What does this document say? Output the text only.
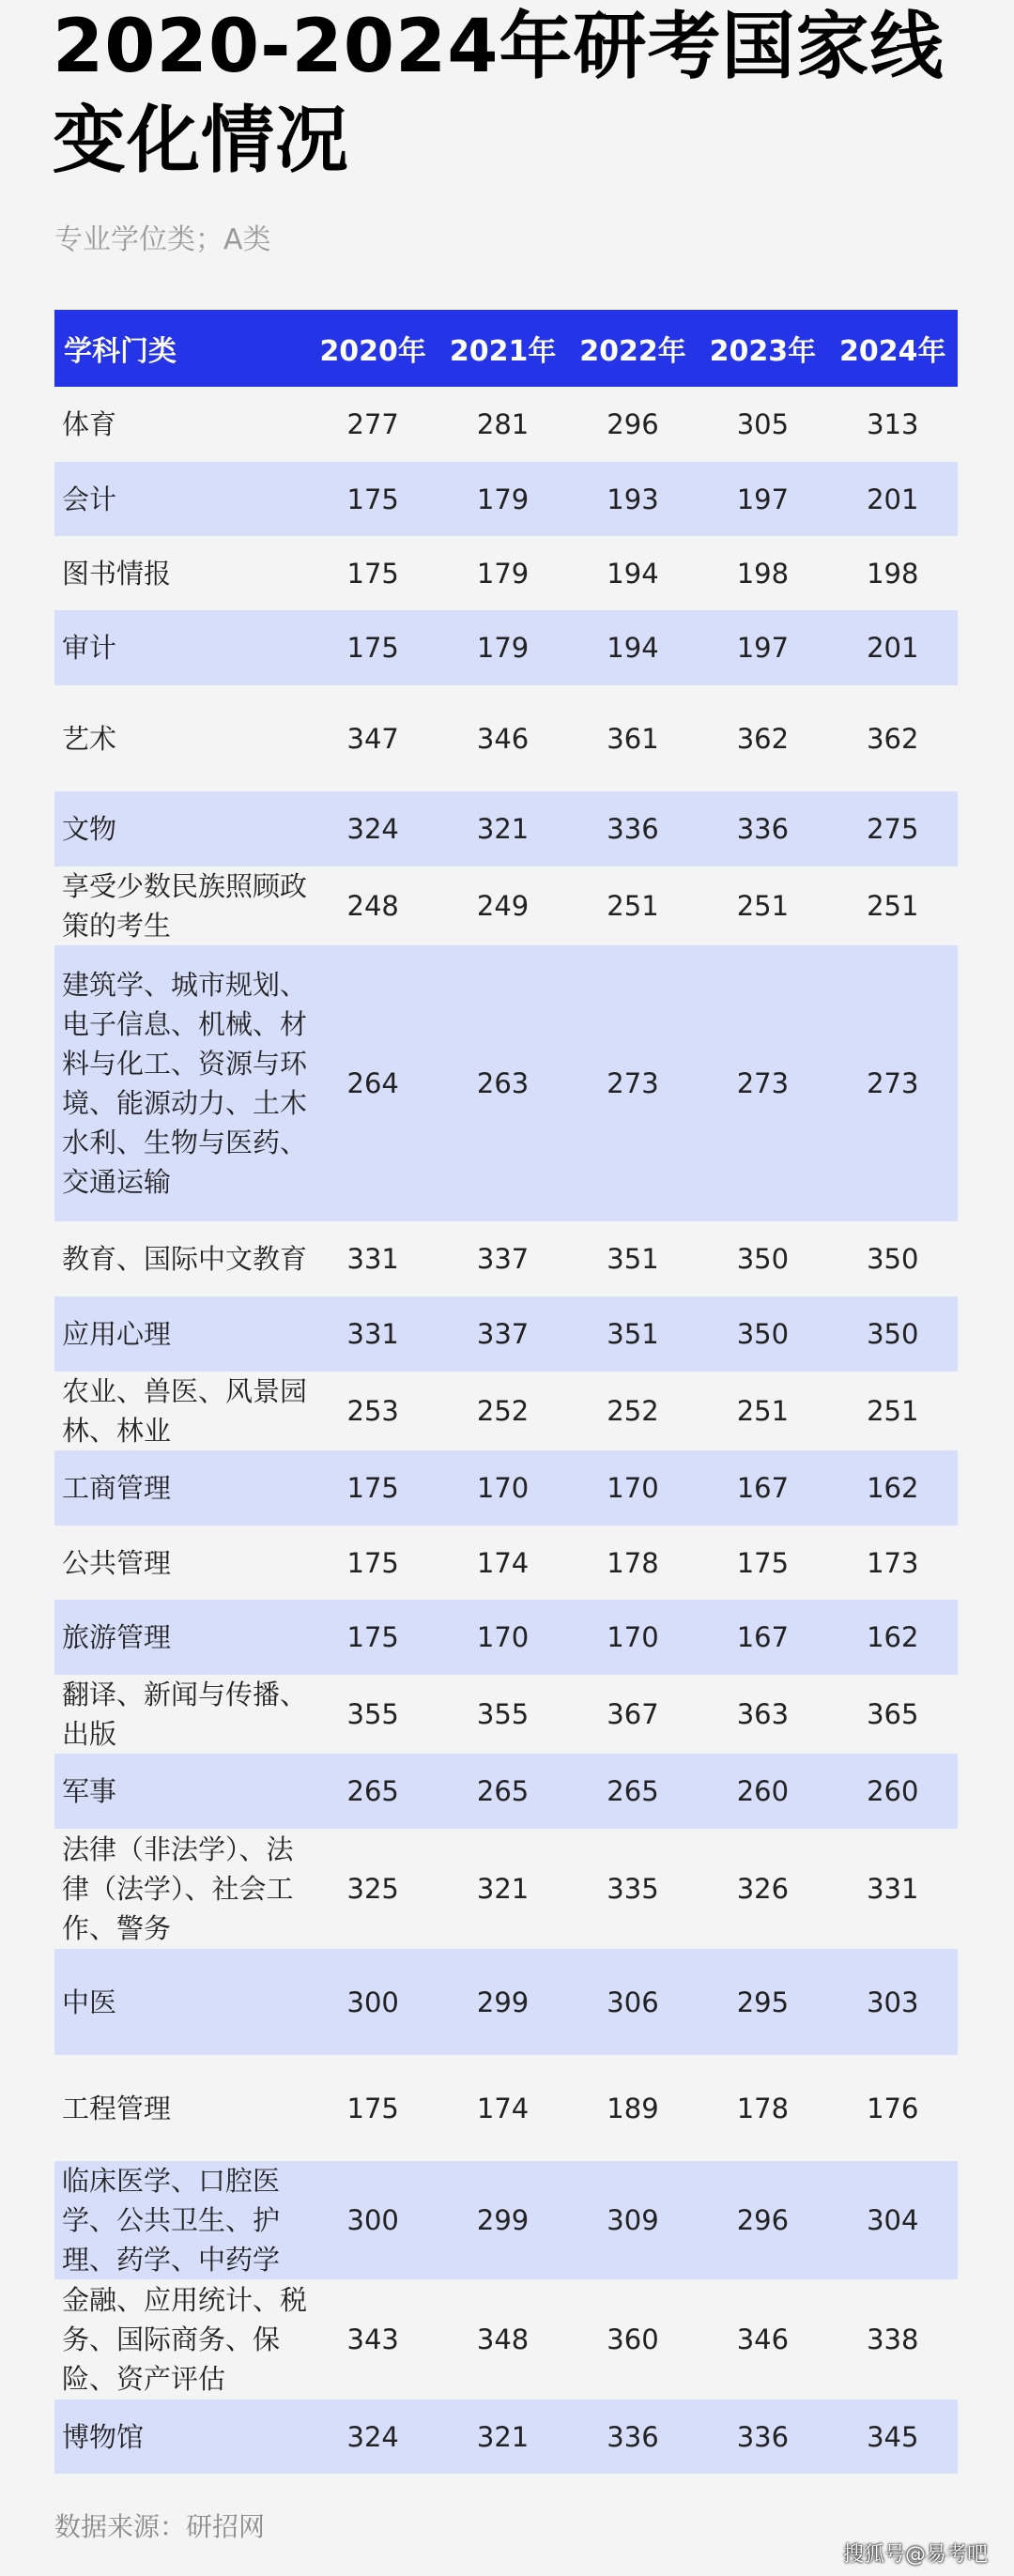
2020-2024年研考国家线
变化情况
专业学位类；A类
学科门类	2020年	2021年	2022年	2023年	2024年
体育	277	281	296	305	313
会计	175	179	193	197	201
图书情报	175	179	194	198	198
审计	175	179	194	197	201
艺术	347	346	361	362	362
文物	324	321	336	336	275
享受少数民族照顾政策的考生	248	249	251	251	251
建筑学、城市规划、电子信息、机械、材料与化工、资源与环境、能源动力、土木水利、生物与医药、交通运输	264	263	273	273	273
教育、国际中文教育	331	337	351	350	350
应用心理	331	337	351	350	350
农业、兽医、风景园林、林业	253	252	252	251	251
工商管理	175	170	170	167	162
公共管理	175	174	178	175	173
旅游管理	175	170	170	167	162
翻译、新闻与传播、出版	355	355	367	363	365
军事	265	265	265	260	260
法律（非法学）、法律（法学）、社会工作、警务	325	321	335	326	331
中医	300	299	306	295	303
工程管理	175	174	189	178	176
临床医学、口腔医学、公共卫生、护理、药学、中药学	300	299	309	296	304
金融、应用统计、税务、国际商务、保险、资产评估	343	348	360	346	338
博物馆	324	321	336	336	345
数据来源：研招网
搜狐号@易考吧
